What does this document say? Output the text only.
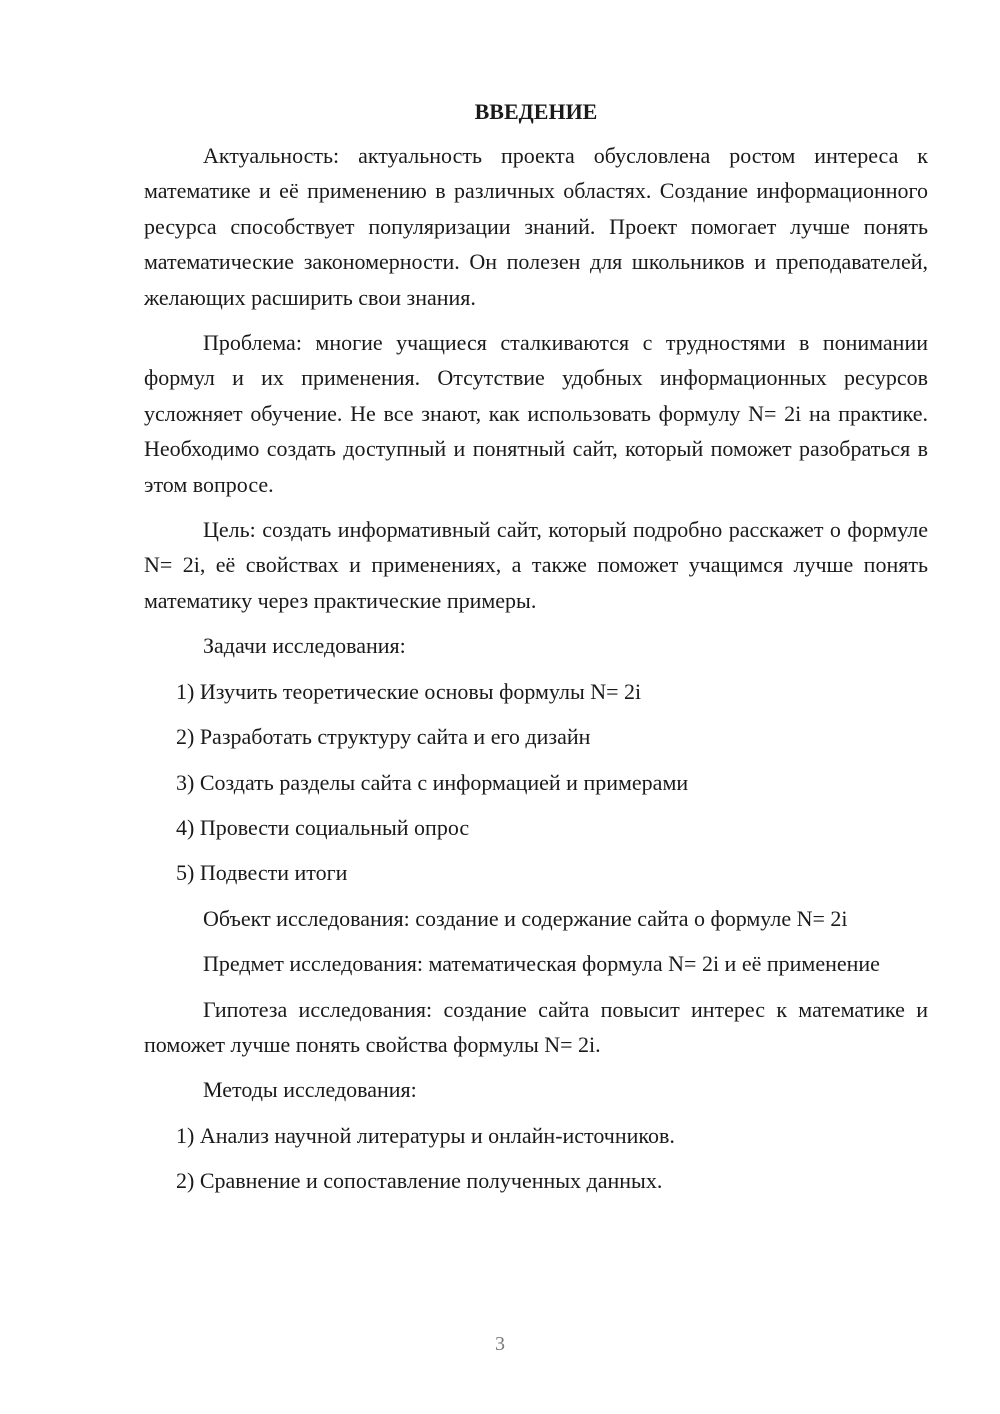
ВВЕДЕНИЕ

Актуальность: актуальность проекта обусловлена ростом интереса к математике и её применению в различных областях. Создание информационного ресурса способствует популяризации знаний. Проект помогает лучше понять математические закономерности. Он полезен для школьников и преподавателей, желающих расширить свои знания.

Проблема: многие учащиеся сталкиваются с трудностями в понимании формул и их применения. Отсутствие удобных информационных ресурсов усложняет обучение. Не все знают, как использовать формулу N= 2i на практике. Необходимо создать доступный и понятный сайт, который поможет разобраться в этом вопросе.

Цель: создать информативный сайт, который подробно расскажет о формуле N= 2i, её свойствах и применениях, а также поможет учащимся лучше понять математику через практические примеры.

Задачи исследования:

1) Изучить теоретические основы формулы N= 2i
2) Разработать структуру сайта и его дизайн
3) Создать разделы сайта с информацией и примерами
4) Провести социальный опрос
5) Подвести итоги

Объект исследования: создание и содержание сайта о формуле N= 2i

Предмет исследования: математическая формула N= 2i и её применение

Гипотеза исследования: создание сайта повысит интерес к математике и поможет лучше понять свойства формулы N= 2i.

Методы исследования:

1) Анализ научной литературы и онлайн-источников.
2) Сравнение и сопоставление полученных данных.
3
